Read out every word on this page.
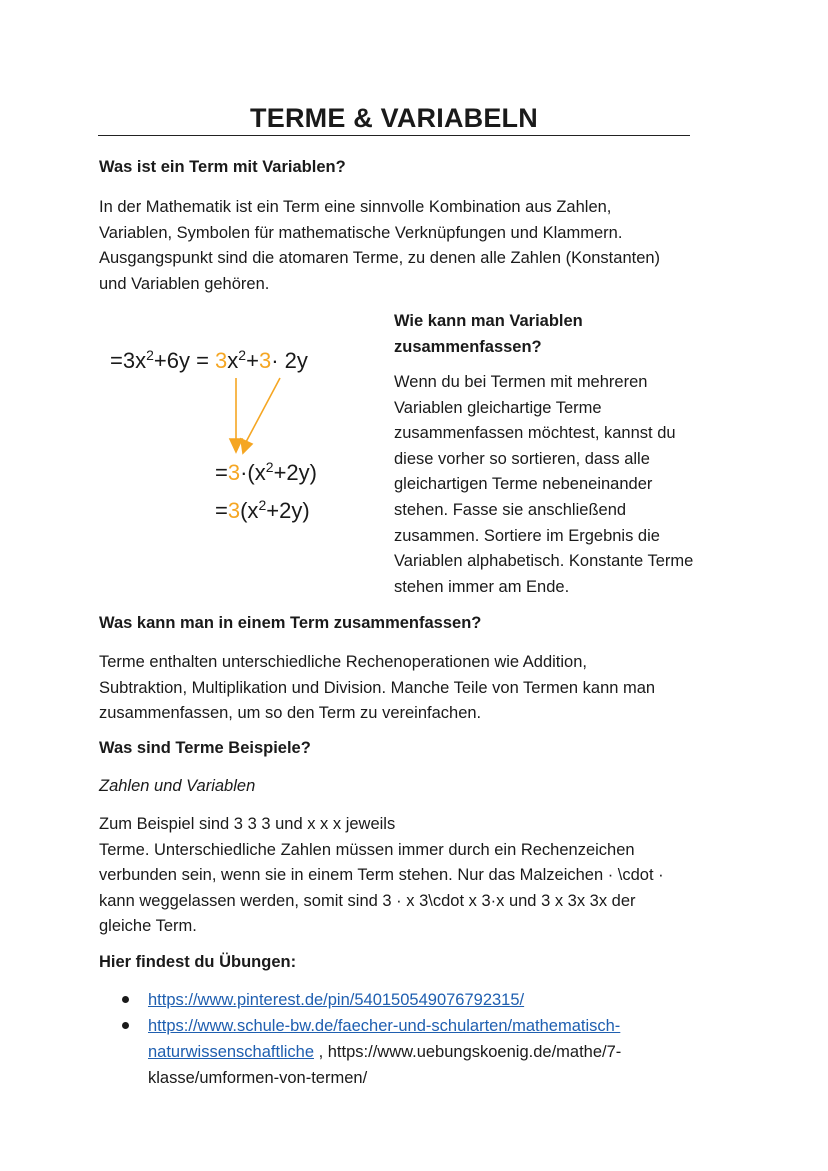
TERME & VARIABELN
Was ist ein Term mit Variablen?
In der Mathematik ist ein Term eine sinnvolle Kombination aus Zahlen,
Variablen, Symbolen für mathematische Verknüpfungen und Klammern.
Ausgangspunkt sind die atomaren Terme, zu denen alle Zahlen (Konstanten)
und Variablen gehören.
$=3x^2+6y = 3x^2+3\cdot 2y$
$=3\cdot(x^2+2y)$
$=3(x^2+2y)$
Wie kann man Variablen
zusammenfassen?
Wenn du bei Termen mit mehreren
Variablen gleichartige Terme
zusammenfassen möchtest, kannst du
diese vorher so sortieren, dass alle
gleichartigen Terme nebeneinander
stehen. Fasse sie anschließend
zusammen. Sortiere im Ergebnis die
Variablen alphabetisch. Konstante Terme
stehen immer am Ende.
Was kann man in einem Term zusammenfassen?
Terme enthalten unterschiedliche Rechenoperationen wie Addition,
Subtraktion, Multiplikation und Division. Manche Teile von Termen kann man
zusammenfassen, um so den Term zu vereinfachen.
Was sind Terme Beispiele?
Zahlen und Variablen
Zum Beispiel sind 3 3 3 und x x x jeweils
Terme. Unterschiedliche Zahlen müssen immer durch ein Rechenzeichen
verbunden sein, wenn sie in einem Term stehen. Nur das Malzeichen · \cdot ·
kann weggelassen werden, somit sind 3 · x 3\cdot x 3·x und 3 x 3x 3x der
gleiche Term.
Hier findest du Übungen:
https://www.pinterest.de/pin/540150549076792315/
https://www.schule-bw.de/faecher-und-schularten/mathematisch-
naturwissenschaftliche , https://www.uebungskoenig.de/mathe/7-
klasse/umformen-von-termen/
